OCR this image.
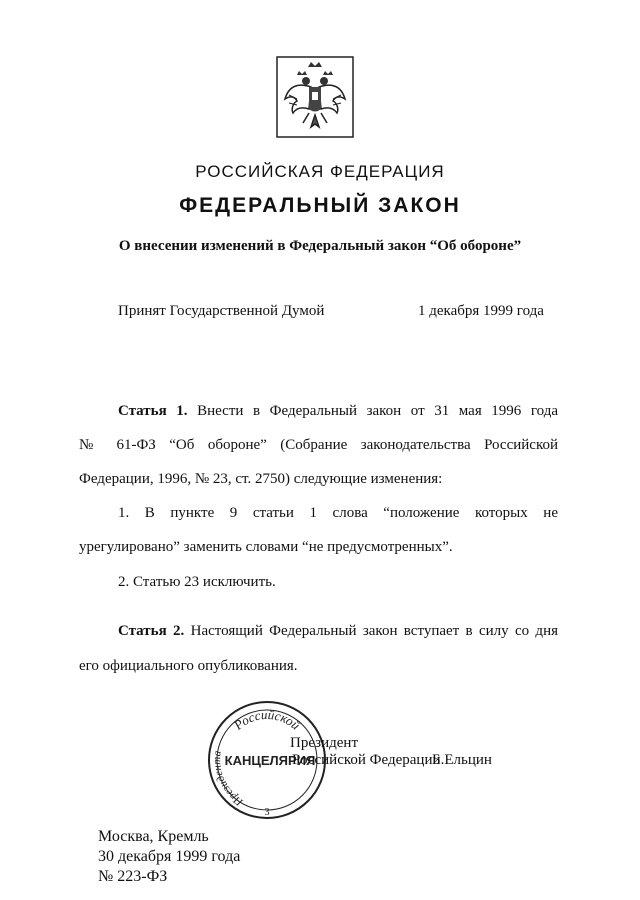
РОССИЙСКАЯ ФЕДЕРАЦИЯ
ФЕДЕРАЛЬНЫЙ ЗАКОН
О внесении изменений в Федеральный закон “Об обороне”
Принят Государственной Думой	1 декабря 1999 года
Статья 1. Внести в Федеральный закон от 31 мая 1996 года
№ 61-ФЗ “Об обороне” (Собрание законодательства Российской
Федерации, 1996, № 23, ст. 2750) следующие изменения:
1. В пункте 9 статьи 1 слова “положение которых не
урегулировано” заменить словами “не предусмотренных”.
2. Статью 23 исключить.
Статья 2. Настоящий Федеральный закон вступает в силу со дня
его официального опубликования.
Российской
Президента КАНЦЕЛЯРИЯ
3
Президент
Российской Федерации
Б.Ельцин
Москва, Кремль
30 декабря 1999 года
№ 223-ФЗ
